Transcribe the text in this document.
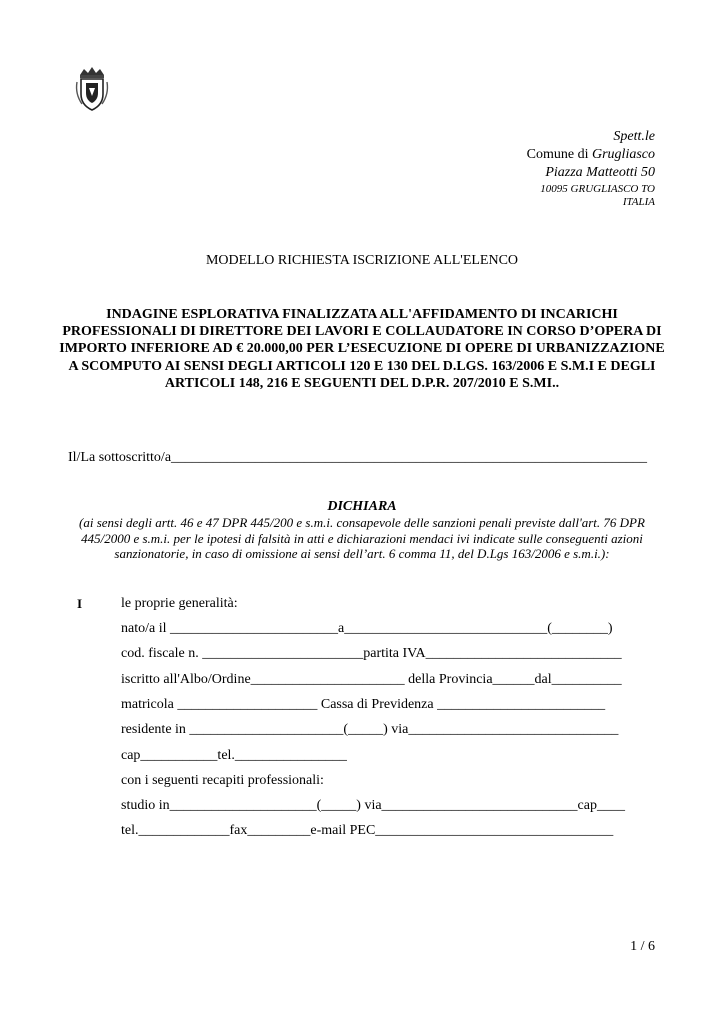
Spett.le
Comune di Grugliasco
Piazza Matteotti 50
10095 GRUGLIASCO TO
ITALIA
MODELLO RICHIESTA ISCRIZIONE ALL'ELENCO
INDAGINE ESPLORATIVA FINALIZZATA ALL'AFFIDAMENTO DI INCARICHI PROFESSIONALI DI DIRETTORE DEI LAVORI E COLLAUDATORE IN CORSO D’OPERA DI IMPORTO INFERIORE AD € 20.000,00 PER L’ESECUZIONE DI OPERE DI URBANIZZAZIONE A SCOMPUTO AI SENSI DEGLI ARTICOLI 120 E 130 DEL D.LGS. 163/2006 E S.M.I E DEGLI ARTICOLI 148, 216 E SEGUENTI DEL D.P.R. 207/2010 E S.MI..
Il/La sottoscritto/a____________________________________________________________________
DICHIARA
(ai sensi degli artt. 46 e 47 DPR 445/200 e s.m.i. consapevole delle sanzioni penali previste dall'art. 76 DPR 445/2000 e s.m.i. per le ipotesi di falsità in atti e dichiarazioni mendaci ivi indicate sulle conseguenti azioni sanzionatorie, in caso di omissione ai sensi dell’art. 6 comma 11, del D.Lgs 163/2006 e s.m.i.):
I	le proprie generalità:
nato/a il ________________________a_____________________________(________)
cod. fiscale n. _______________________partita IVA____________________________
iscritto all'Albo/Ordine______________________ della Provincia______dal__________
matricola ____________________ Cassa di Previdenza ________________________
residente in ______________________(_____) via______________________________
cap___________tel.________________
con i seguenti recapiti professionali:
studio in_____________________(_____) via____________________________cap____
tel._____________fax_________e-mail PEC__________________________________
1 / 6
